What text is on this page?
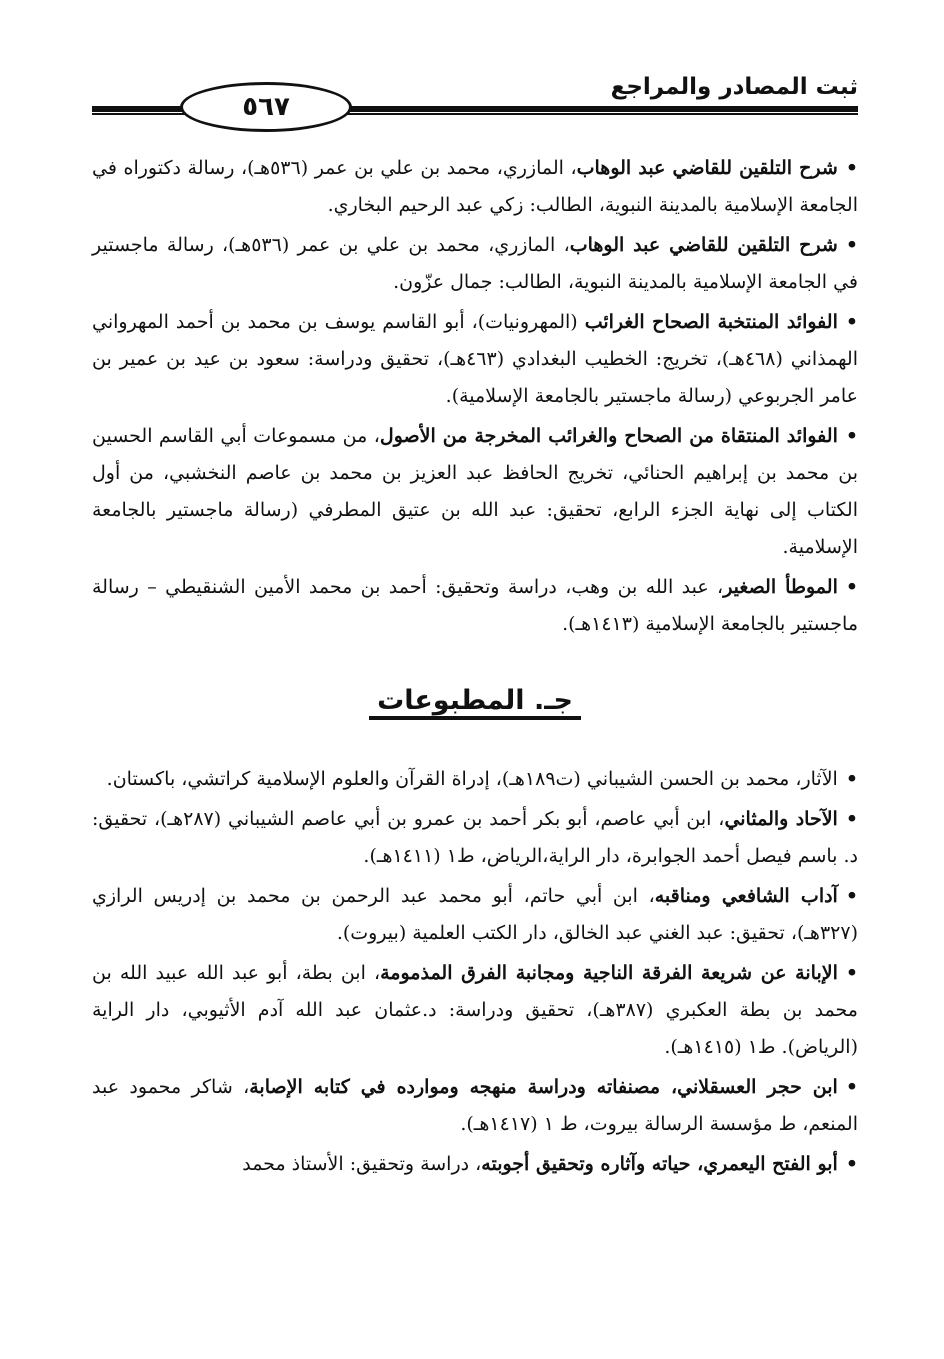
ثبت المصادر والمراجع
٥٦٧

•شرح التلقين للقاضي عبد الوهاب، المازري، محمد بن علي بن عمر (٥٣٦هـ)، رسالة دكتوراه في الجامعة الإسلامية بالمدينة النبوية، الطالب: زكي عبد الرحيم البخاري.

•شرح التلقين للقاضي عبد الوهاب، المازري، محمد بن علي بن عمر (٥٣٦هـ)، رسالة ماجستير في الجامعة الإسلامية بالمدينة النبوية، الطالب: جمال عزّون.

•الفوائد المنتخبة الصحاح الغرائب (المهرونيات)، أبو القاسم يوسف بن محمد بن أحمد المهرواني الهمذاني (٤٦٨هـ)، تخريج: الخطيب البغدادي (٤٦٣هـ)، تحقيق ودراسة: سعود بن عيد بن عمير بن عامر الجربوعي (رسالة ماجستير بالجامعة الإسلامية).

•الفوائد المنتقاة من الصحاح والغرائب المخرجة من الأصول، من مسموعات أبي القاسم الحسين بن محمد بن إبراهيم الحنائي، تخريج الحافظ عبد العزيز بن محمد بن عاصم النخشبي، من أول الكتاب إلى نهاية الجزء الرابع، تحقيق: عبد الله بن عتيق المطرفي (رسالة ماجستير بالجامعة الإسلامية.

•الموطأ الصغير، عبد الله بن وهب، دراسة وتحقيق: أحمد بن محمد الأمين الشنقيطي – رسالة ماجستير بالجامعة الإسلامية (١٤١٣هـ).

جـ. المطبوعات

•الآثار، محمد بن الحسن الشيباني (ت١٨٩هـ)، إدراة القرآن والعلوم الإسلامية كراتشي، باكستان.

•الآحاد والمثاني، ابن أبي عاصم، أبو بكر أحمد بن عمرو بن أبي عاصم الشيباني (٢٨٧هـ)، تحقيق: د. باسم فيصل أحمد الجوابرة، دار الراية،الرياض، ط١ (١٤١١هـ).

•آداب الشافعي ومناقبه، ابن أبي حاتم، أبو محمد عبد الرحمن بن محمد بن إدريس الرازي (٣٢٧هـ)، تحقيق: عبد الغني عبد الخالق، دار الكتب العلمية (بيروت).

•الإبانة عن شريعة الفرقة الناجية ومجانبة الفرق المذمومة، ابن بطة، أبو عبد الله عبيد الله بن محمد بن بطة العكبري (٣٨٧هـ)، تحقيق ودراسة: د.عثمان عبد الله آدم الأثيوبي، دار الراية (الرياض). ط١ (١٤١٥هـ).

•ابن حجر العسقلاني، مصنفاته ودراسة منهجه وموارده في كتابه الإصابة، شاكر محمود عبد المنعم، ط مؤسسة الرسالة بيروت، ط ١ (١٤١٧هـ).

•أبو الفتح اليعمري، حياته وآثاره وتحقيق أجوبته، دراسة وتحقيق: الأستاذ محمد
